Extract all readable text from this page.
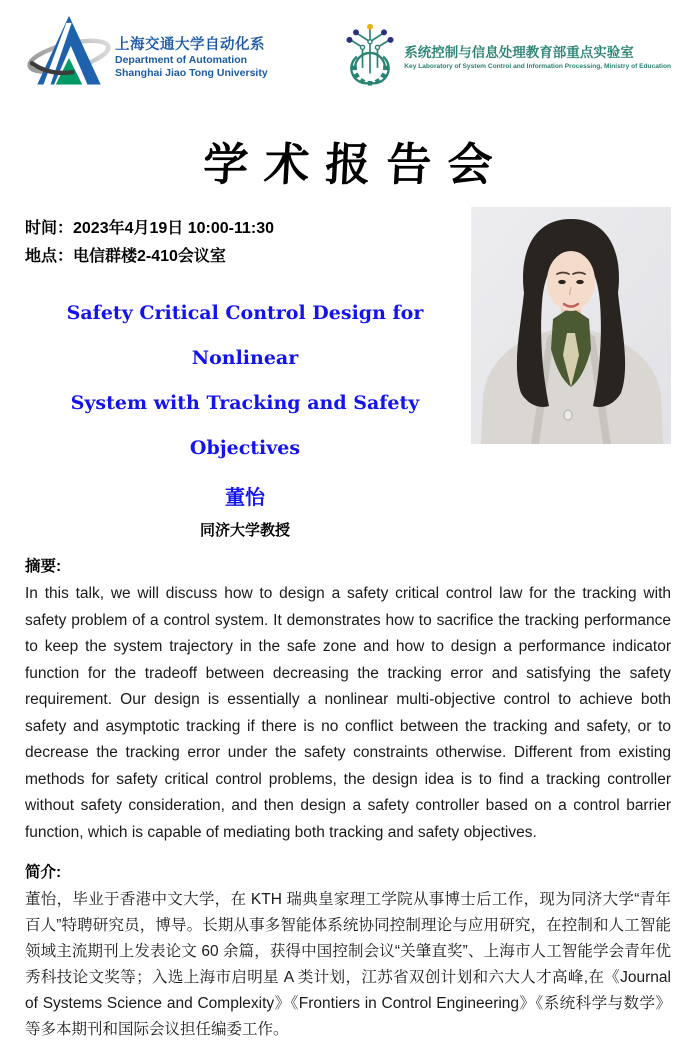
上海交通大学自动化系
Department of Automation
Shanghai Jiao Tong University
系统控制与信息处理教育部重点实验室
Key Laboratory of System Control and Information Processing, Ministry of Education
学术报告会
时间：2023年4月19日 10:00-11:30
地点：电信群楼2-410会议室
Safety Critical Control Design for Nonlinear
System with Tracking and Safety Objectives
董怡
同济大学教授
摘要:
In this talk, we will discuss how to design a safety critical control law for the tracking with safety problem of a control system. It demonstrates how to sacrifice the tracking performance to keep the system trajectory in the safe zone and how to design a performance indicator function for the tradeoff between decreasing the tracking error and satisfying the safety requirement. Our design is essentially a nonlinear multi-objective control to achieve both safety and asymptotic tracking if there is no conflict between the tracking and safety, or to decrease the tracking error under the safety constraints otherwise. Different from existing methods for safety critical control problems, the design idea is to find a tracking controller without safety consideration, and then design a safety controller based on a control barrier function, which is capable of mediating both tracking and safety objectives.
简介:
董怡，毕业于香港中文大学，在 KTH 瑞典皇家理工学院从事博士后工作，现为同济大学“青年百人”特聘研究员，博导。长期从事多智能体系统协同控制理论与应用研究，在控制和人工智能领域主流期刊上发表论文 60 余篇，获得中国控制会议“关肇直奖”、上海市人工智能学会青年优秀科技论文奖等；入选上海市启明星 A 类计划，江苏省双创计划和六大人才高峰,在《Journal of Systems Science and Complexity》《Frontiers in Control Engineering》《系统科学与数学》等多本期刊和国际会议担任编委工作。
